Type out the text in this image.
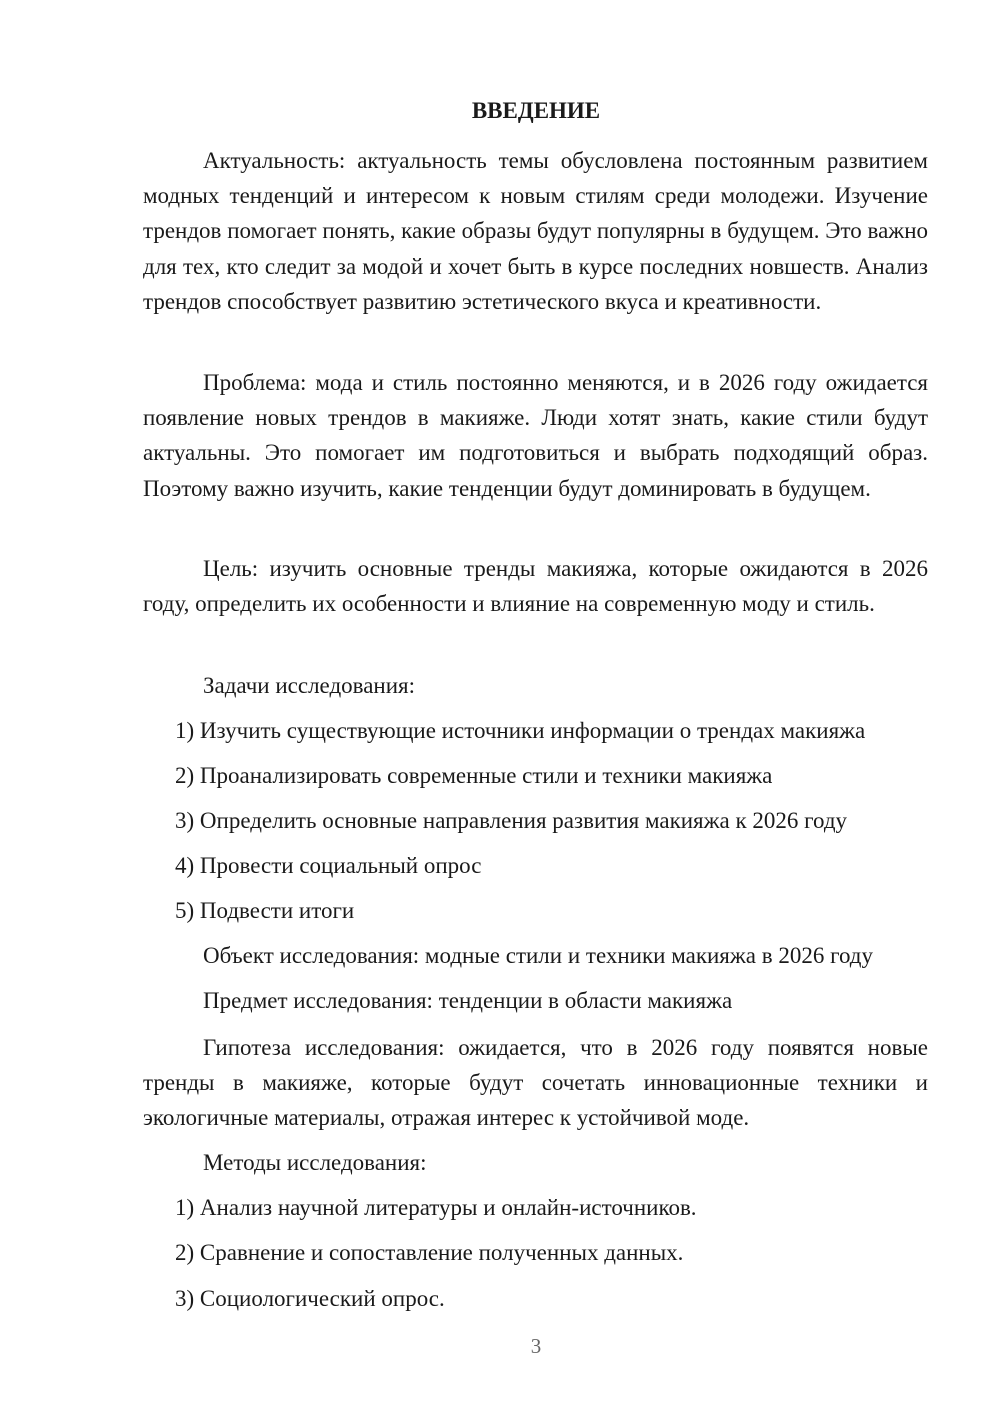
ВВЕДЕНИЕ

Актуальность: актуальность темы обусловлена постоянным развитием модных тенденций и интересом к новым стилям среди молодежи. Изучение трендов помогает понять, какие образы будут популярны в будущем. Это важно для тех, кто следит за модой и хочет быть в курсе последних новшеств. Анализ трендов способствует развитию эстетического вкуса и креативности.

Проблема: мода и стиль постоянно меняются, и в 2026 году ожидается появление новых трендов в макияже. Люди хотят знать, какие стили будут актуальны. Это помогает им подготовиться и выбрать подходящий образ. Поэтому важно изучить, какие тенденции будут доминировать в будущем.

Цель: изучить основные тренды макияжа, которые ожидаются в 2026 году, определить их особенности и влияние на современную моду и стиль.

Задачи исследования:

1) Изучить существующие источники информации о трендах макияжа

2) Проанализировать современные стили и техники макияжа

3) Определить основные направления развития макияжа к 2026 году

4) Провести социальный опрос

5) Подвести итоги

Объект исследования: модные стили и техники макияжа в 2026 году

Предмет исследования: тенденции в области макияжа

Гипотеза исследования: ожидается, что в 2026 году появятся новые тренды в макияже, которые будут сочетать инновационные техники и экологичные материалы, отражая интерес к устойчивой моде.

Методы исследования:

1) Анализ научной литературы и онлайн-источников.

2) Сравнение и сопоставление полученных данных.

3) Социологический опрос.

3
